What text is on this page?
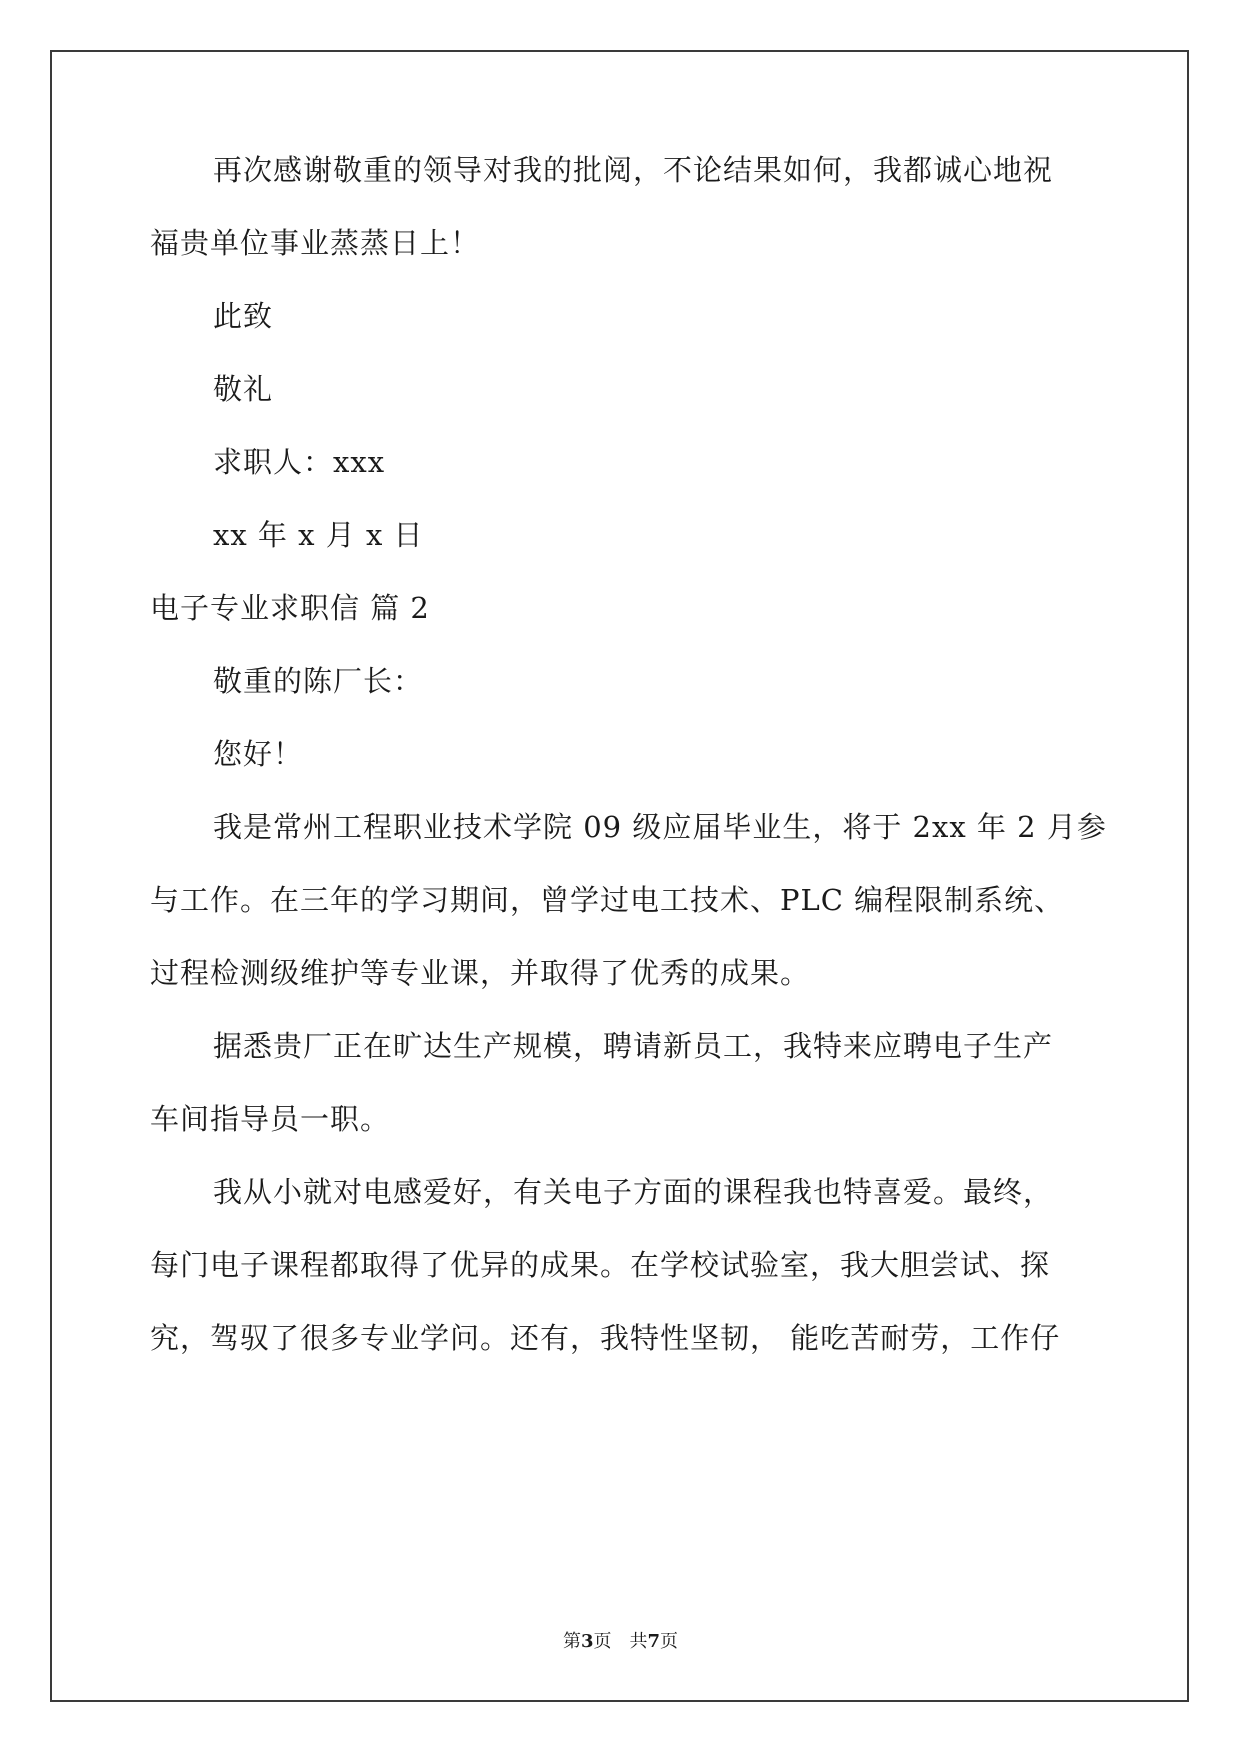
再次感谢敬重的领导对我的批阅，不论结果如何，我都诚心地祝
福贵单位事业蒸蒸日上！
此致
敬礼
求职人：xxx
xx 年 x 月 x 日
电子专业求职信 篇 2
敬重的陈厂长：
您好！
我是常州工程职业技术学院 09 级应届毕业生，将于 2xx 年 2 月参
与工作。在三年的学习期间，曾学过电工技术、PLC 编程限制系统、
过程检测级维护等专业课，并取得了优秀的成果。
据悉贵厂正在旷达生产规模，聘请新员工，我特来应聘电子生产
车间指导员一职。
我从小就对电感爱好，有关电子方面的课程我也特喜爱。最终，
每门电子课程都取得了优异的成果。在学校试验室，我大胆尝试、探
究，驾驭了很多专业学问。还有，我特性坚韧， 能吃苦耐劳，工作仔
第3页 共7页
